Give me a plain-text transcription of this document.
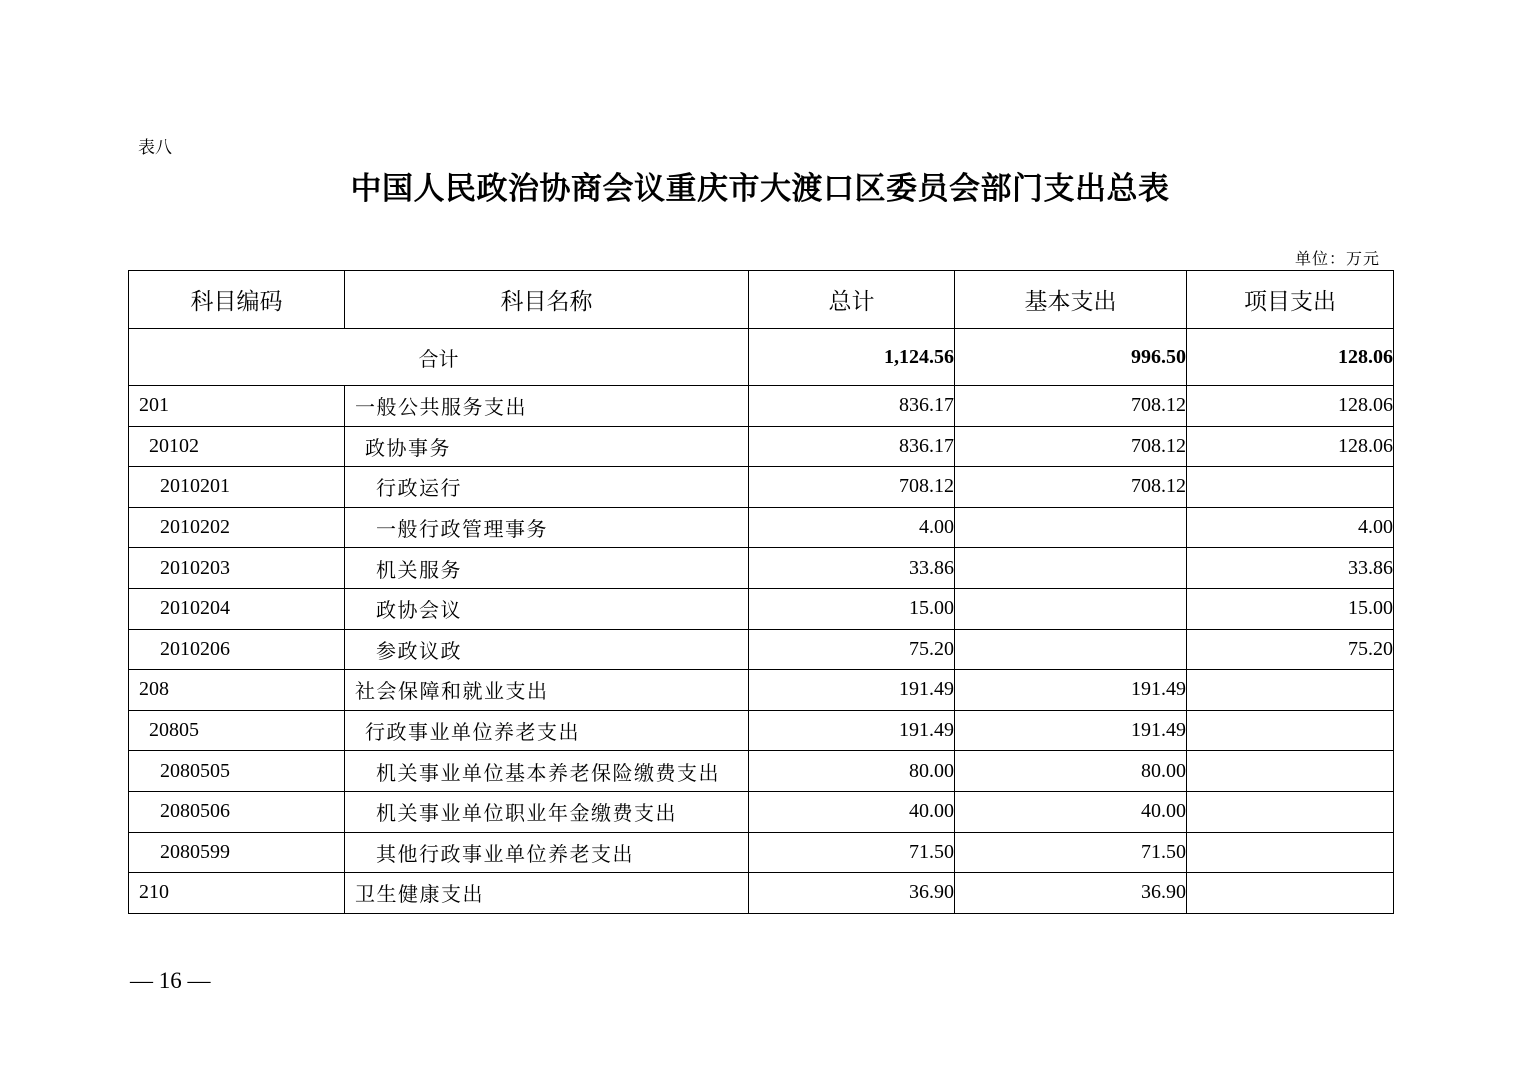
表八
中国人民政治协商会议重庆市大渡口区委员会部门支出总表
单位：万元
科目编码	科目名称	总计	基本支出	项目支出
合计		1,124.56	996.50	128.06
201	一般公共服务支出	836.17	708.12	128.06
20102	政协事务	836.17	708.12	128.06
2010201	行政运行	708.12	708.12	
2010202	一般行政管理事务	4.00		4.00
2010203	机关服务	33.86		33.86
2010204	政协会议	15.00		15.00
2010206	参政议政	75.20		75.20
208	社会保障和就业支出	191.49	191.49	
20805	行政事业单位养老支出	191.49	191.49	
2080505	机关事业单位基本养老保险缴费支出	80.00	80.00	
2080506	机关事业单位职业年金缴费支出	40.00	40.00	
2080599	其他行政事业单位养老支出	71.50	71.50	
210	卫生健康支出	36.90	36.90	
— 16 —
